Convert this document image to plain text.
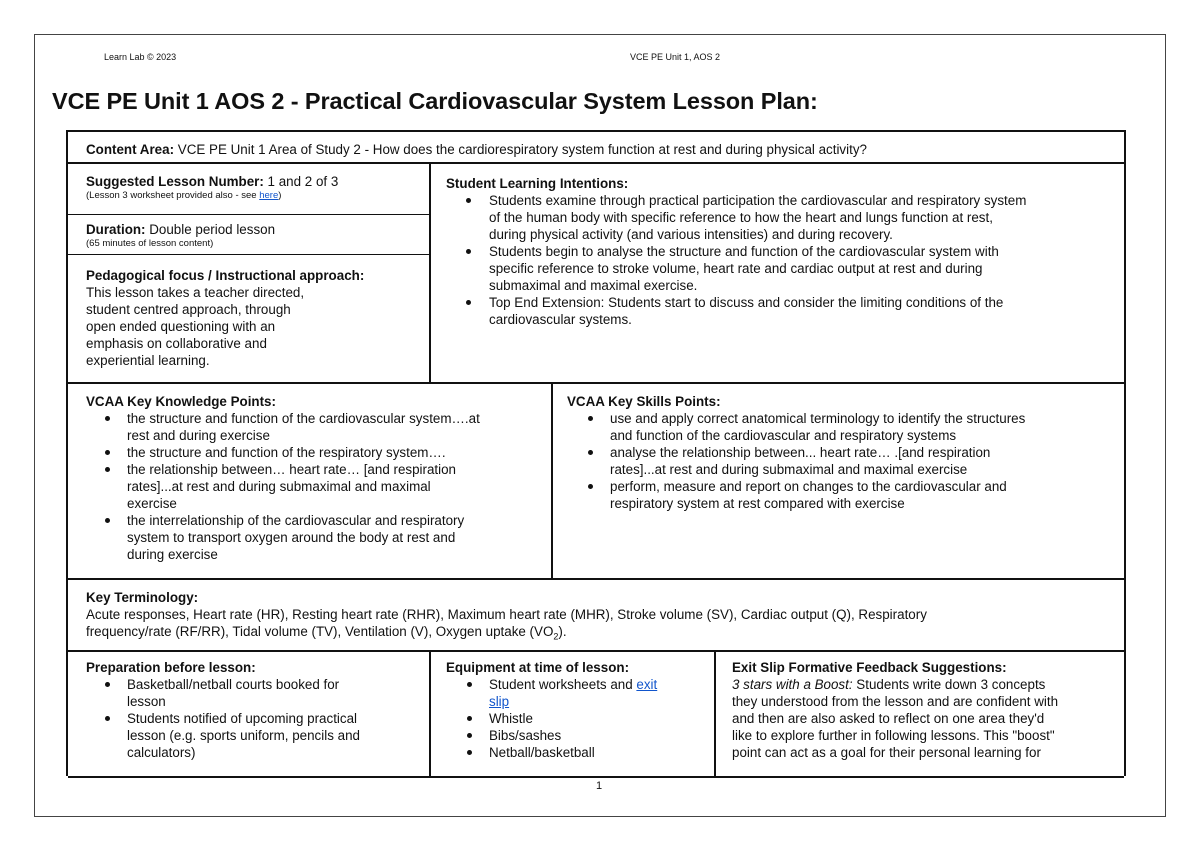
Learn Lab © 2023	VCE PE Unit 1, AOS 2
VCE PE Unit 1 AOS 2 - Practical Cardiovascular System Lesson Plan:
Content Area: VCE PE Unit 1 Area of Study 2 - How does the cardiorespiratory system function at rest and during physical activity?
Suggested Lesson Number: 1 and 2 of 3
(Lesson 3 worksheet provided also - see here)
Duration: Double period lesson
(65 minutes of lesson content)
Pedagogical focus / Instructional approach:
This lesson takes a teacher directed,
student centred approach, through
open ended questioning with an
emphasis on collaborative and
experiential learning.
Student Learning Intentions:
Students examine through practical participation the cardiovascular and respiratory system
of the human body with specific reference to how the heart and lungs function at rest,
during physical activity (and various intensities) and during recovery.
Students begin to analyse the structure and function of the cardiovascular system with
specific reference to stroke volume, heart rate and cardiac output at rest and during
submaximal and maximal exercise.
Top End Extension: Students start to discuss and consider the limiting conditions of the
cardiovascular systems.
VCAA Key Knowledge Points:
the structure and function of the cardiovascular system….at
rest and during exercise
the structure and function of the respiratory system….
the relationship between… heart rate… [and respiration
rates]...at rest and during submaximal and maximal
exercise
the interrelationship of the cardiovascular and respiratory
system to transport oxygen around the body at rest and
during exercise
VCAA Key Skills Points:
use and apply correct anatomical terminology to identify the structures
and function of the cardiovascular and respiratory systems
analyse the relationship between... heart rate… .[and respiration
rates]...at rest and during submaximal and maximal exercise
perform, measure and report on changes to the cardiovascular and
respiratory system at rest compared with exercise
Key Terminology:
Acute responses, Heart rate (HR), Resting heart rate (RHR), Maximum heart rate (MHR), Stroke volume (SV), Cardiac output (Q), Respiratory
frequency/rate (RF/RR), Tidal volume (TV), Ventilation (V), Oxygen uptake $(VO_2)$.
Preparation before lesson:
Basketball/netball courts booked for
lesson
Students notified of upcoming practical
lesson (e.g. sports uniform, pencils and
calculators)
Equipment at time of lesson:
Student worksheets and exit
slip
Whistle
Bibs/sashes
Netball/basketball
Exit Slip Formative Feedback Suggestions:
3 stars with a Boost: Students write down 3 concepts
they understood from the lesson and are confident with
and then are also asked to reflect on one area they'd
like to explore further in following lessons. This "boost"
point can act as a goal for their personal learning for
1
